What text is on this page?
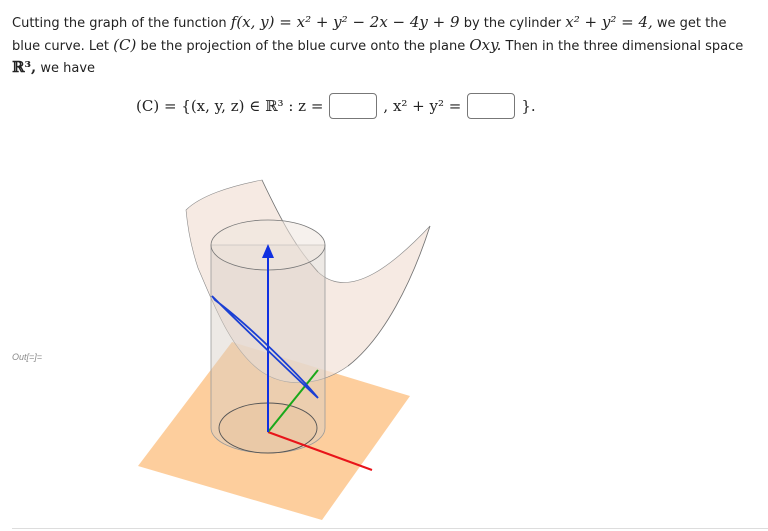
Cutting the graph of the function f(x, y) = x² + y² − 2x − 4y + 9 by the cylinder x² + y² = 4, we get the blue curve. Let (C) be the projection of the blue curve onto the plane Oxy. Then in the three dimensional space ℝ³, we have
(C) = {(x, y, z) ∈ ℝ³ : z =	, x² + y² =	}.
Out[=]=
